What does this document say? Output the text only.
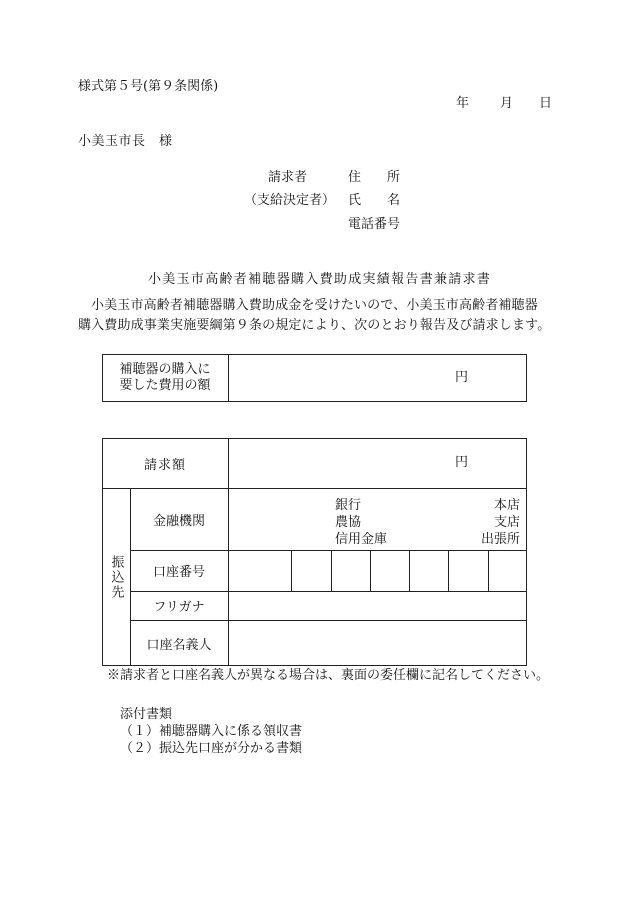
様式第５号(第９条関係)
年 月 日
小美玉市長　様
請求者	住　　所
（支給決定者） 氏　　名
電話番号
小美玉市高齢者補聴器購入費助成実績報告書兼請求書
小美玉市高齢者補聴器購入費助成金を受けたいので、小美玉市高齢者補聴器
購入費助成事業実施要綱第９条の規定により、次のとおり報告及び請求します。
補聴器の購入に
要した費用の額
円
請求額	円
振込先
金融機関
銀行
農協
信用金庫
本店
支店
出張所
口座番号
フリガナ
口座名義人
※請求者と口座名義人が異なる場合は、裏面の委任欄に記名してください。
添付書類
（１）補聴器購入に係る領収書
（２）振込先口座が分かる書類
